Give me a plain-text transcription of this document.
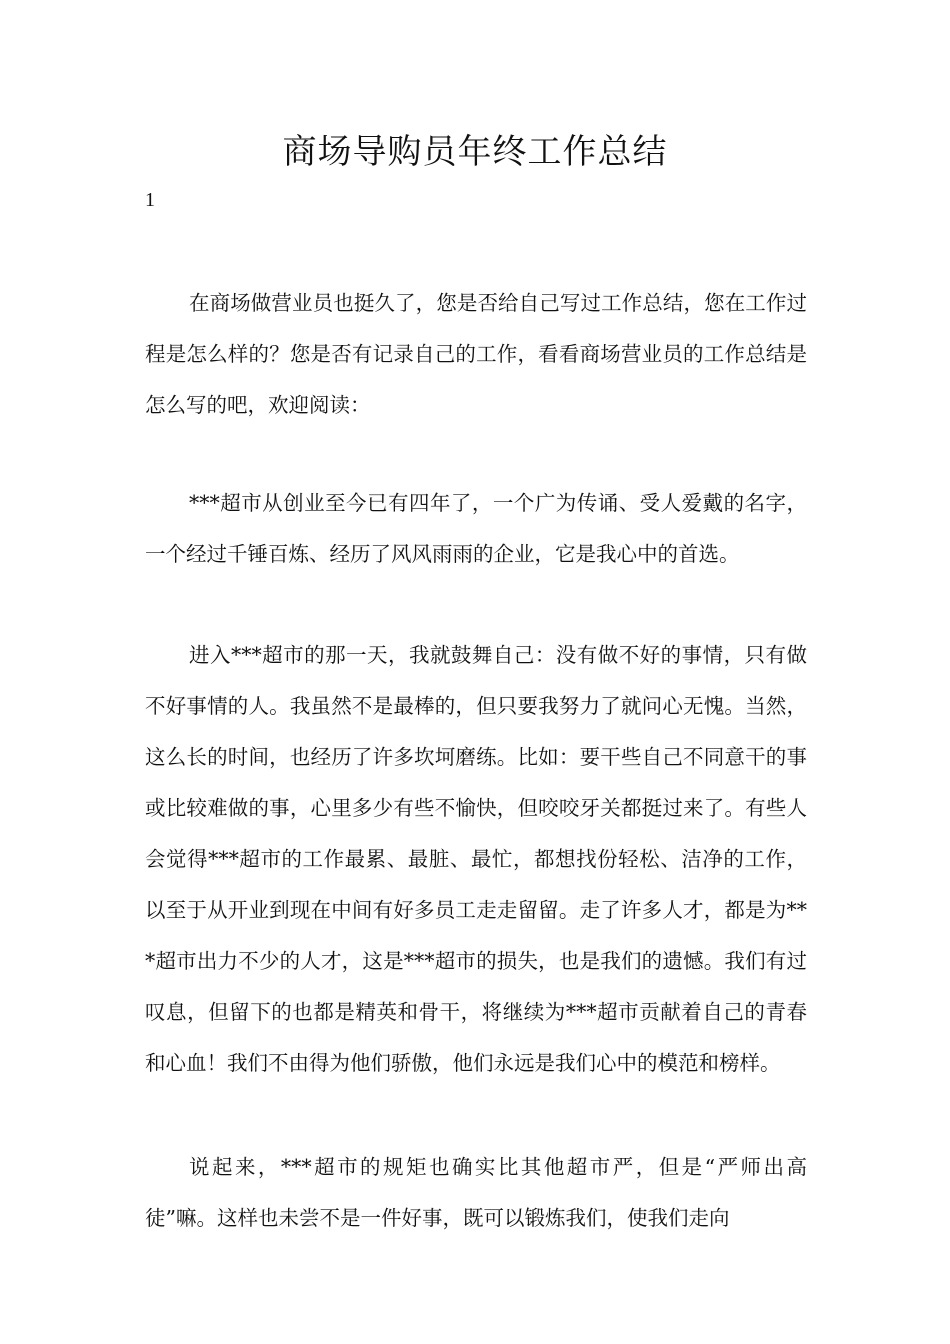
商场导购员年终工作总结
1

在商场做营业员也挺久了，您是否给自己写过工作总结，您在工作过程是怎么样的？您是否有记录自己的工作，看看商场营业员的工作总结是怎么写的吧，欢迎阅读：

***超市从创业至今已有四年了，一个广为传诵、受人爱戴的名字，一个经过千锤百炼、经历了风风雨雨的企业，它是我心中的首选。

进入***超市的那一天，我就鼓舞自己：没有做不好的事情，只有做不好事情的人。我虽然不是最棒的，但只要我努力了就问心无愧。当然，这么长的时间，也经历了许多坎坷磨练。比如：要干些自己不同意干的事或比较难做的事，心里多少有些不愉快，但咬咬牙关都挺过来了。有些人会觉得***超市的工作最累、最脏、最忙，都想找份轻松、洁净的工作，以至于从开业到现在中间有好多员工走走留留。走了许多人才，都是为***超市出力不少的人才，这是***超市的损失，也是我们的遗憾。我们有过叹息，但留下的也都是精英和骨干，将继续为***超市贡献着自己的青春和心血！我们不由得为他们骄傲，他们永远是我们心中的模范和榜样。

说起来，***超市的规矩也确实比其他超市严，但是“严师出高徒”嘛。这样也未尝不是一件好事，既可以锻炼我们，使我们走向
